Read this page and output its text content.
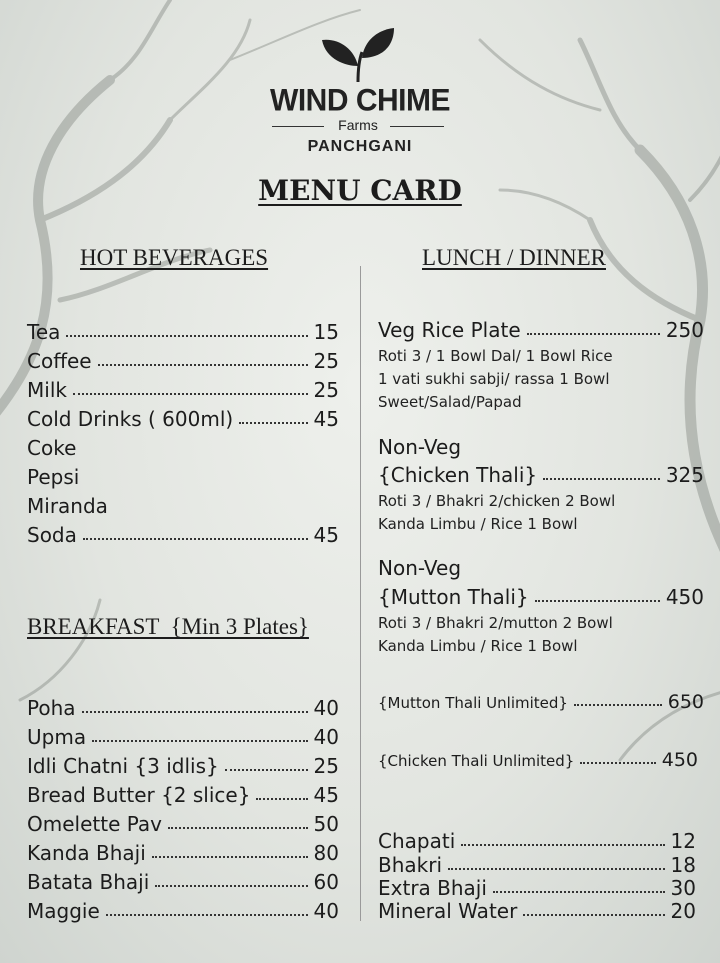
WIND CHIME
Farms
PANCHGANI
MENU CARD
HOT BEVERAGES	LUNCH / DINNER
BREAKFAST  {Min 3 Plates}
Tea	15
Coffee	25
Milk	25
Cold Drinks ( 600ml)	45
Coke
Pepsi
Miranda
Soda	45
Poha	40
Upma	40
Idli Chatni {3 idlis}	25
Bread Butter {2 slice}	45
Omelette Pav	50
Kanda Bhaji	80
Batata Bhaji	60
Maggie	40
Veg Rice Plate	250
Roti 3 / 1 Bowl Dal/ 1 Bowl Rice
1 vati sukhi sabji/ rassa 1 Bowl
Sweet/Salad/Papad
Non-Veg
{Chicken Thali}	325
Roti 3 / Bhakri 2/chicken 2 Bowl
Kanda Limbu / Rice 1 Bowl
Non-Veg
{Mutton Thali}	450
Roti 3 / Bhakri 2/mutton 2 Bowl
Kanda Limbu / Rice 1 Bowl
{Mutton Thali Unlimited}	650
{Chicken Thali Unlimited}	450
Chapati	12
Bhakri	18
Extra Bhaji	30
Mineral Water	20
